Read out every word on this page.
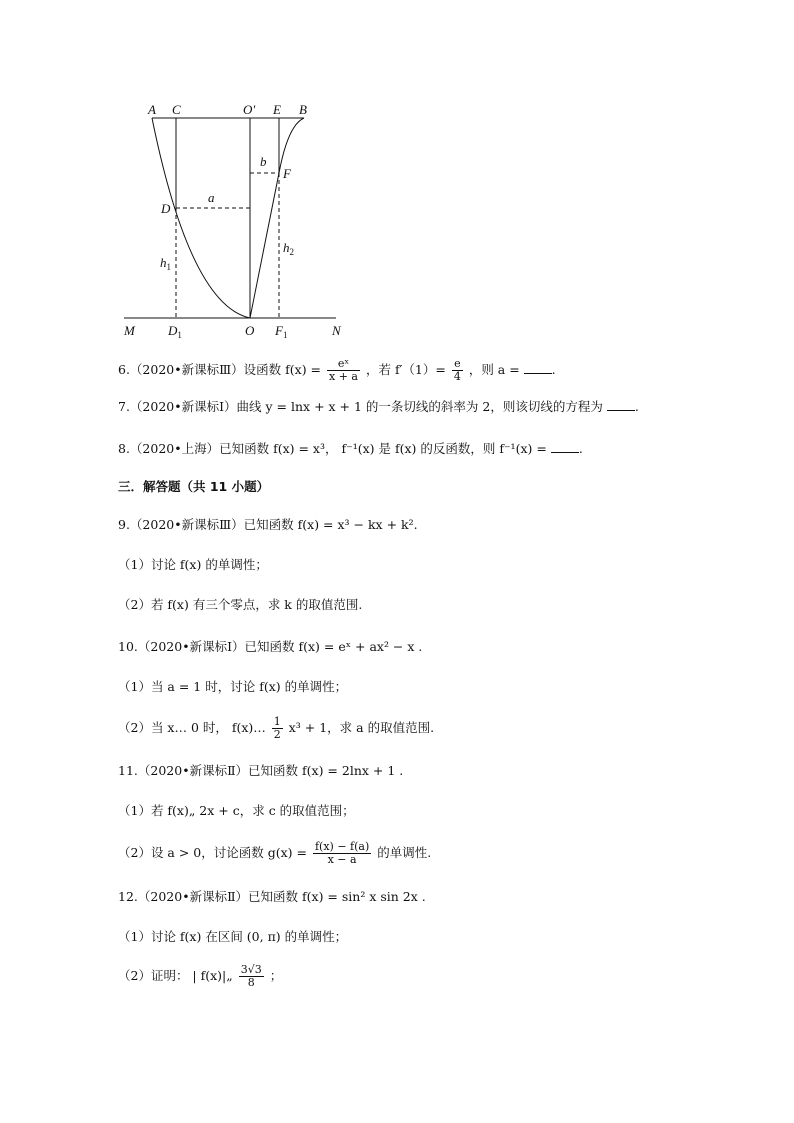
A C	O' E B
b
F
D
a
$h_1$
$h_2$
M	$D_1$	O $F_1$	N
6.（2020•新课标Ⅲ）设函数 $f(x) = \frac{\text{eˣ}}{x + a}$ ，若 $f'(1)= \frac{e}{4}$ ，则 a =	.
7.（2020•新课标Ⅰ）曲线 y = lnx + x + 1 的一条切线的斜率为 2，则该切线的方程为	.
8.（2020•上海）已知函数 f(x) = x³， f⁻¹(x) 是 f(x) 的反函数，则 f⁻¹(x) =	.
三．解答题（共 11 小题）
9.（2020•新课标Ⅲ）已知函数 f(x) = x³ − kx + k².
（1）讨论 f(x) 的单调性；
（2）若 f(x) 有三个零点，求 k 的取值范围.
10.（2020•新课标Ⅰ）已知函数 f(x) = eˣ + ax² − x .
（1）当 a = 1 时，讨论 f(x) 的单调性；
（2）当 x… 0 时， f(x)… $\frac{1}{2} x^3 + 1$，求 a 的取值范围.
11.（2020•新课标Ⅱ）已知函数 f(x) = 2lnx + 1 .
（1）若 f(x)„ 2x + c，求 c 的取值范围；
（2）设 a > 0，讨论函数 $g(x) = \frac{f(x) - f(a)}{x - a}$ 的单调性.
12.（2020•新课标Ⅱ）已知函数 f(x) = sin² x sin 2x .
（1）讨论 f(x) 在区间 (0, π) 的单调性；
（2）证明： | f(x)|„ $\frac{3√3}{8}$ ；
